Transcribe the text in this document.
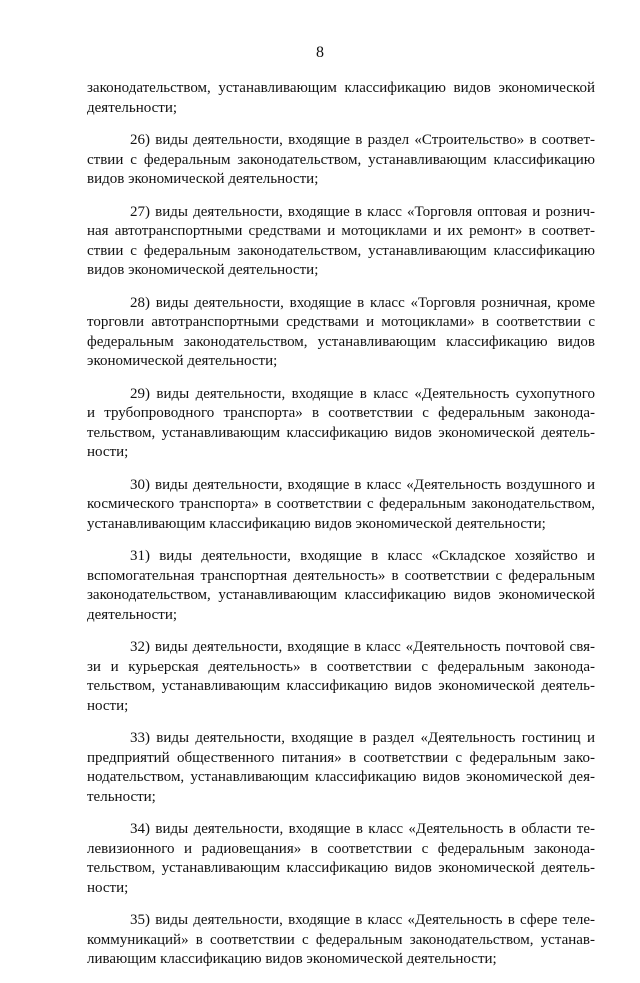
8
законодательством, устанавливающим классификацию видов экономической
деятельности;
26) виды деятельности, входящие в раздел «Строительство» в соответ-
ствии с федеральным законодательством, устанавливающим классификацию
видов экономической деятельности;
27) виды деятельности, входящие в класс «Торговля оптовая и рознич-
ная автотранспортными средствами и мотоциклами и их ремонт» в соответ-
ствии с федеральным законодательством, устанавливающим классификацию
видов экономической деятельности;
28) виды деятельности, входящие в класс «Торговля розничная, кроме
торговли автотранспортными средствами и мотоциклами» в соответствии с
федеральным законодательством, устанавливающим классификацию видов
экономической деятельности;
29) виды деятельности, входящие в класс «Деятельность сухопутного
и трубопроводного транспорта» в соответствии с федеральным законода-
тельством, устанавливающим классификацию видов экономической деятель-
ности;
30) виды деятельности, входящие в класс «Деятельность воздушного и
космического транспорта» в соответствии с федеральным законодательством,
устанавливающим классификацию видов экономической деятельности;
31) виды деятельности, входящие в класс «Складское хозяйство и
вспомогательная транспортная деятельность» в соответствии с федеральным
законодательством, устанавливающим классификацию видов экономической
деятельности;
32) виды деятельности, входящие в класс «Деятельность почтовой свя-
зи и курьерская деятельность» в соответствии с федеральным законода-
тельством, устанавливающим классификацию видов экономической деятель-
ности;
33) виды деятельности, входящие в раздел «Деятельность гостиниц и
предприятий общественного питания» в соответствии с федеральным зако-
нодательством, устанавливающим классификацию видов экономической дея-
тельности;
34) виды деятельности, входящие в класс «Деятельность в области те-
левизионного и радиовещания» в соответствии с федеральным законода-
тельством, устанавливающим классификацию видов экономической деятель-
ности;
35) виды деятельности, входящие в класс «Деятельность в сфере теле-
коммуникаций» в соответствии с федеральным законодательством, устанав-
ливающим классификацию видов экономической деятельности;
